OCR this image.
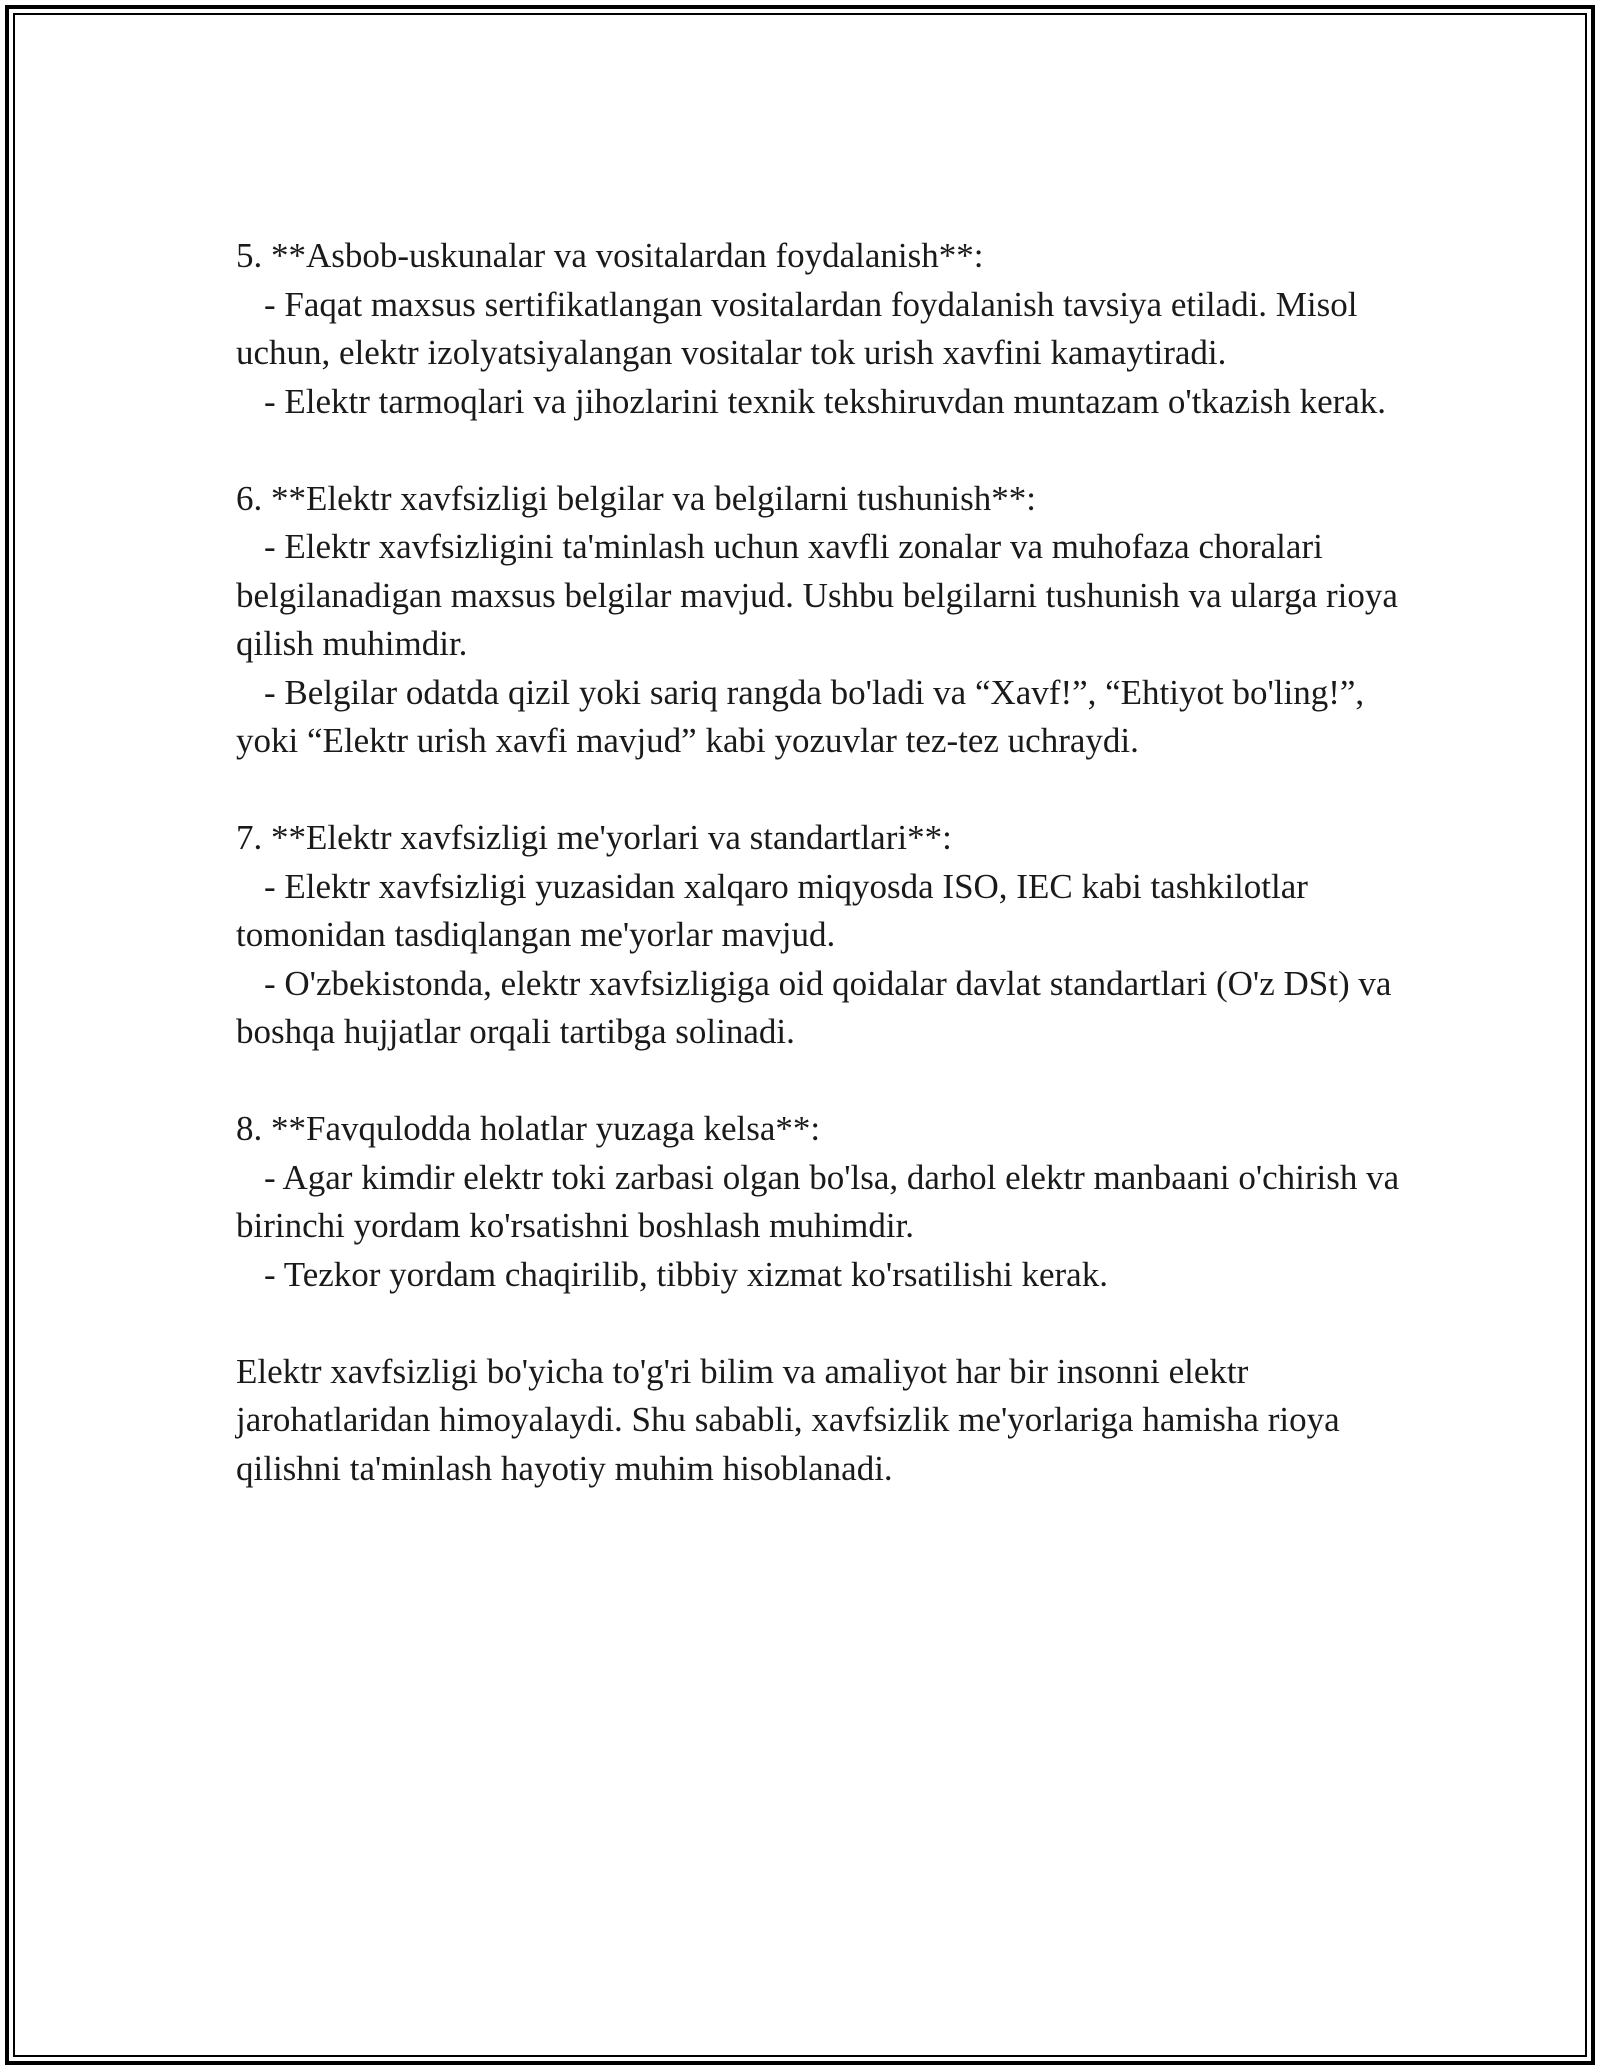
5. **Asbob-uskunalar va vositalardan foydalanish**:

- Faqat maxsus sertifikatlangan vositalardan foydalanish tavsiya etiladi. Misol uchun, elektr izolyatsiyalangan vositalar tok urish xavfini kamaytiradi.

- Elektr tarmoqlari va jihozlarini texnik tekshiruvdan muntazam o'tkazish kerak.

6. **Elektr xavfsizligi belgilar va belgilarni tushunish**:

- Elektr xavfsizligini ta'minlash uchun xavfli zonalar va muhofaza choralari belgilanadigan maxsus belgilar mavjud. Ushbu belgilarni tushunish va ularga rioya qilish muhimdir.

- Belgilar odatda qizil yoki sariq rangda bo'ladi va “Xavf!”, “Ehtiyot bo'ling!”, yoki “Elektr urish xavfi mavjud” kabi yozuvlar tez-tez uchraydi.

7. **Elektr xavfsizligi me'yorlari va standartlari**:

- Elektr xavfsizligi yuzasidan xalqaro miqyosda ISO, IEC kabi tashkilotlar tomonidan tasdiqlangan me'yorlar mavjud.

- O'zbekistonda, elektr xavfsizligiga oid qoidalar davlat standartlari (O'z DSt) va boshqa hujjatlar orqali tartibga solinadi.

8. **Favqulodda holatlar yuzaga kelsa**:

- Agar kimdir elektr toki zarbasi olgan bo'lsa, darhol elektr manbaani o'chirish va birinchi yordam ko'rsatishni boshlash muhimdir.

- Tezkor yordam chaqirilib, tibbiy xizmat ko'rsatilishi kerak.

Elektr xavfsizligi bo'yicha to'g'ri bilim va amaliyot har bir insonni elektr jarohatlaridan himoyalaydi. Shu sababli, xavfsizlik me'yorlariga hamisha rioya qilishni ta'minlash hayotiy muhim hisoblanadi.
